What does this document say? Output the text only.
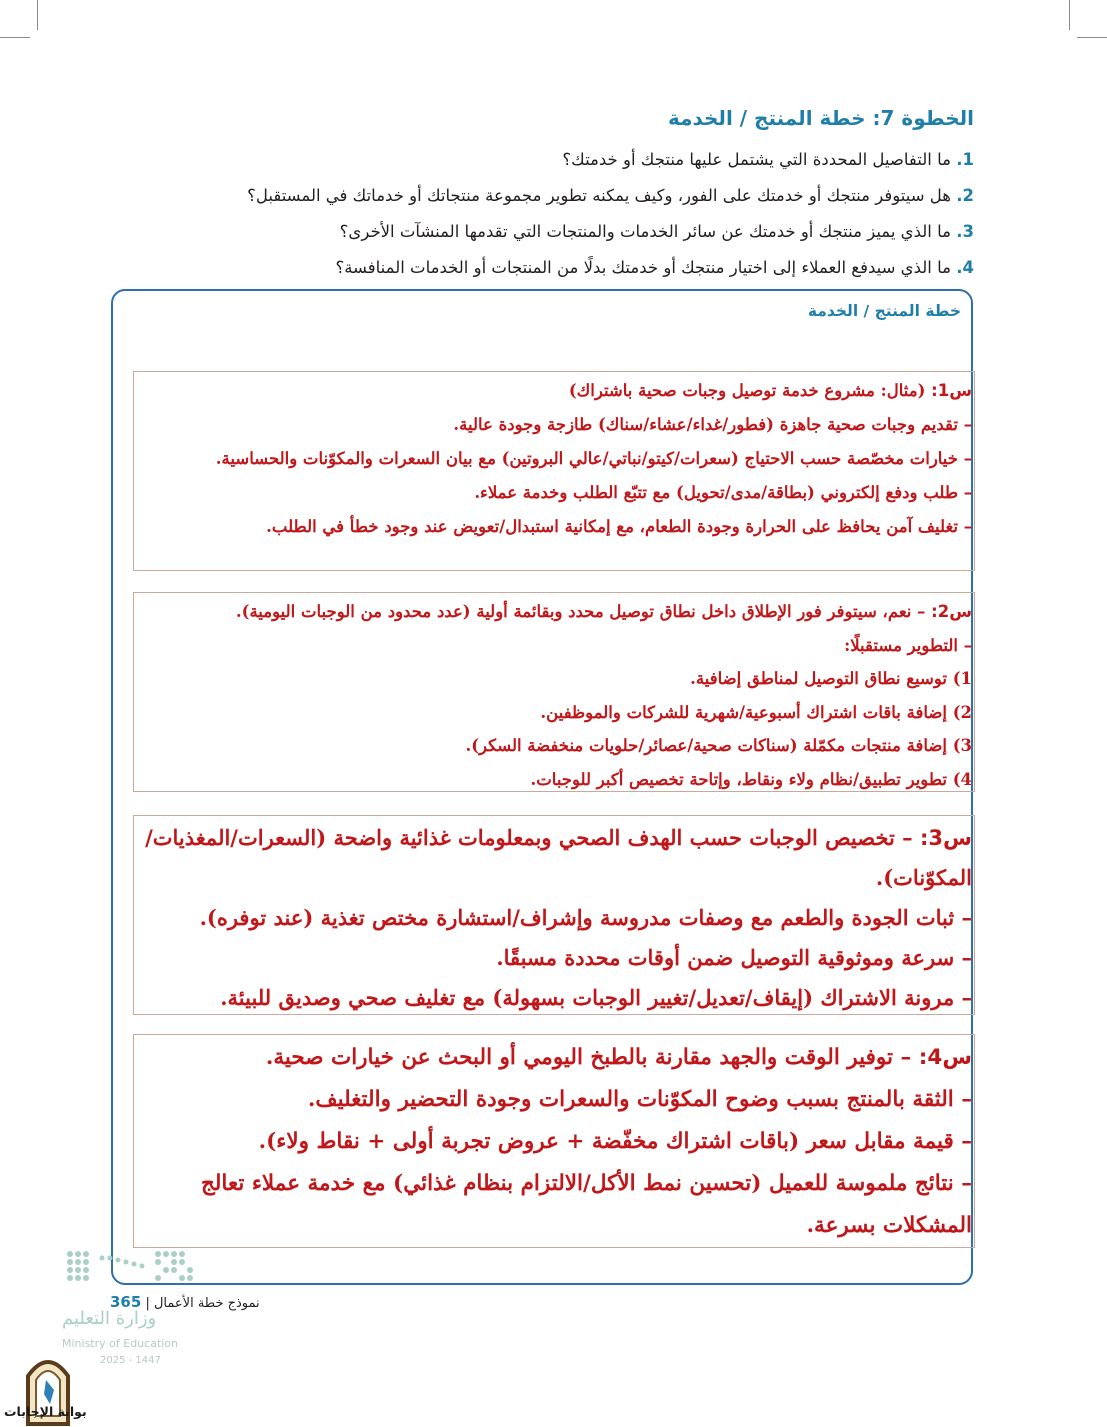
الخطوة 7: خطة المنتج / الخدمة
1. ما التفاصيل المحددة التي يشتمل عليها منتجك أو خدمتك؟
2. هل سيتوفر منتجك أو خدمتك على الفور، وكيف يمكنه تطوير مجموعة منتجاتك أو خدماتك في المستقبل؟
3. ما الذي يميز منتجك أو خدمتك عن سائر الخدمات والمنتجات التي تقدمها المنشآت الأخرى؟
4. ما الذي سيدفع العملاء إلى اختيار منتجك أو خدمتك بدلًا من المنتجات أو الخدمات المنافسة؟
خطة المنتج / الخدمة
س1: (مثال: مشروع خدمة توصيل وجبات صحية باشتراك)
– تقديم وجبات صحية جاهزة (فطور/غداء/عشاء/سناك) طازجة وجودة عالية.
– خيارات مخصّصة حسب الاحتياج (سعرات/كيتو/نباتي/عالي البروتين) مع بيان السعرات والمكوّنات والحساسية.
– طلب ودفع إلكتروني (بطاقة/مدى/تحويل) مع تتبّع الطلب وخدمة عملاء.
– تغليف آمن يحافظ على الحرارة وجودة الطعام، مع إمكانية استبدال/تعويض عند وجود خطأ في الطلب.
س2: – نعم، سيتوفر فور الإطلاق داخل نطاق توصيل محدد وبقائمة أولية (عدد محدود من الوجبات اليومية).
– التطوير مستقبلًا:
1) توسيع نطاق التوصيل لمناطق إضافية.
2) إضافة باقات اشتراك أسبوعية/شهرية للشركات والموظفين.
3) إضافة منتجات مكمّلة (سناكات صحية/عصائر/حلويات منخفضة السكر).
4) تطوير تطبيق/نظام ولاء ونقاط، وإتاحة تخصيص أكبر للوجبات.
س3: – تخصيص الوجبات حسب الهدف الصحي وبمعلومات غذائية واضحة (السعرات/المغذيات/المكوّنات).
– ثبات الجودة والطعم مع وصفات مدروسة وإشراف/استشارة مختص تغذية (عند توفره).
– سرعة وموثوقية التوصيل ضمن أوقات محددة مسبقًا.
– مرونة الاشتراك (إيقاف/تعديل/تغيير الوجبات بسهولة) مع تغليف صحي وصديق للبيئة.
س4: – توفير الوقت والجهد مقارنة بالطبخ اليومي أو البحث عن خيارات صحية.
– الثقة بالمنتج بسبب وضوح المكوّنات والسعرات وجودة التحضير والتغليف.
– قيمة مقابل سعر (باقات اشتراك مخفّضة + عروض تجربة أولى + نقاط ولاء).
– نتائج ملموسة للعميل (تحسين نمط الأكل/الالتزام بنظام غذائي) مع خدمة عملاء تعالج المشكلات بسرعة.
وزارة التعليم
Ministry of Education
2025 - 1447
365 | نموذج خطة الأعمال
بوابة الإجابات
